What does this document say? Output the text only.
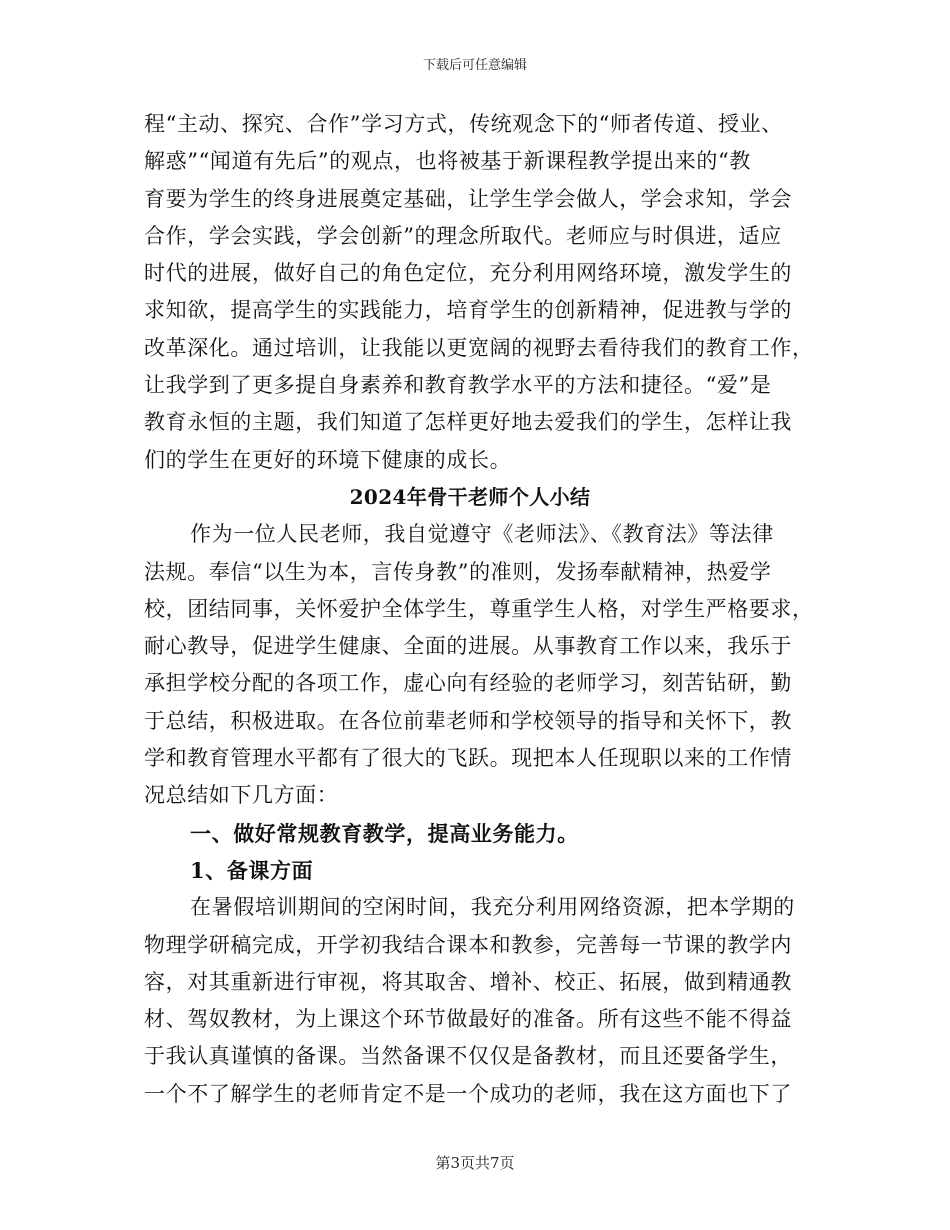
下载后可任意编辑
程“主动、探究、合作”学习方式，传统观念下的“师者传道、授业、
解惑”“闻道有先后”的观点，也将被基于新课程教学提出来的“教
育要为学生的终身进展奠定基础，让学生学会做人，学会求知，学会
合作，学会实践，学会创新”的理念所取代。老师应与时俱进，适应
时代的进展，做好自己的角色定位，充分利用网络环境，激发学生的
求知欲，提高学生的实践能力，培育学生的创新精神，促进教与学的
改革深化。通过培训，让我能以更宽阔的视野去看待我们的教育工作，
让我学到了更多提自身素养和教育教学水平的方法和捷径。“爱”是
教育永恒的主题，我们知道了怎样更好地去爱我们的学生，怎样让我
们的学生在更好的环境下健康的成长。
2024年骨干老师个人小结
作为一位人民老师，我自觉遵守《老师法》、《教育法》等法律
法规。奉信“以生为本，言传身教”的准则，发扬奉献精神，热爱学
校，团结同事，关怀爱护全体学生，尊重学生人格，对学生严格要求，
耐心教导，促进学生健康、全面的进展。从事教育工作以来，我乐于
承担学校分配的各项工作，虚心向有经验的老师学习，刻苦钻研，勤
于总结，积极进取。在各位前辈老师和学校领导的指导和关怀下，教
学和教育管理水平都有了很大的飞跃。现把本人任现职以来的工作情
况总结如下几方面：
一、做好常规教育教学，提高业务能力。
1、备课方面
在暑假培训期间的空闲时间，我充分利用网络资源，把本学期的
物理学研稿完成，开学初我结合课本和教参，完善每一节课的教学内
容，对其重新进行审视，将其取舍、增补、校正、拓展，做到精通教
材、驾奴教材，为上课这个环节做最好的准备。所有这些不能不得益
于我认真谨慎的备课。当然备课不仅仅是备教材，而且还要备学生，
一个不了解学生的老师肯定不是一个成功的老师，我在这方面也下了
第3页共7页
